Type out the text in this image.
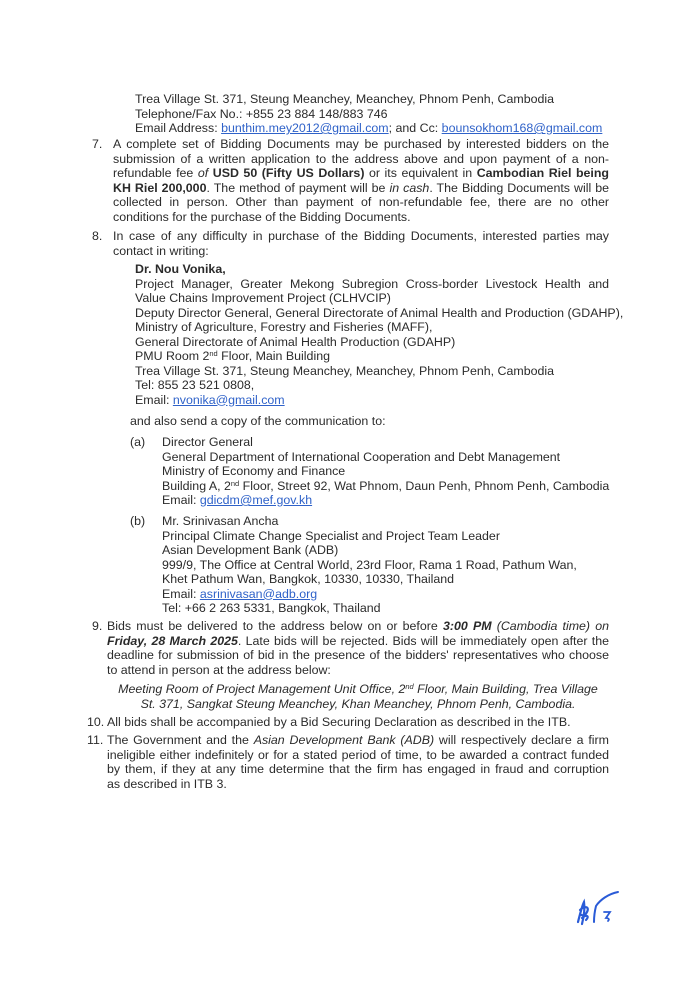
Trea Village St. 371, Steung Meanchey, Meanchey, Phnom Penh, Cambodia
Telephone/Fax No.: +855 23 884 148/883 746
Email Address: bunthim.mey2012@gmail.com; and Cc: bounsokhom168@gmail.com
7. A complete set of Bidding Documents may be purchased by interested bidders on the
submission of a written application to the address above and upon payment of a non-
refundable fee of USD 50 (Fifty US Dollars) or its equivalent in Cambodian Riel being
KH Riel 200,000. The method of payment will be in cash. The Bidding Documents will be
collected in person. Other than payment of non-refundable fee, there are no other
conditions for the purchase of the Bidding Documents.
8. In case of any difficulty in purchase of the Bidding Documents, interested parties may
contact in writing:
Dr. Nou Vonika,
Project Manager, Greater Mekong Subregion Cross-border Livestock Health and
Value Chains Improvement Project (CLHVCIP)
Deputy Director General, General Directorate of Animal Health and Production (GDAHP),
Ministry of Agriculture, Forestry and Fisheries (MAFF),
General Directorate of Animal Health Production (GDAHP)
PMU Room 2nd Floor, Main Building
Trea Village St. 371, Steung Meanchey, Meanchey, Phnom Penh, Cambodia
Tel: 855 23 521 0808,
Email: nvonika@gmail.com
and also send a copy of the communication to:
(a) Director General
General Department of International Cooperation and Debt Management
Ministry of Economy and Finance
Building A, 2nd Floor, Street 92, Wat Phnom, Daun Penh, Phnom Penh, Cambodia
Email: gdicdm@mef.gov.kh
(b) Mr. Srinivasan Ancha
Principal Climate Change Specialist and Project Team Leader
Asian Development Bank (ADB)
999/9, The Office at Central World, 23rd Floor, Rama 1 Road, Pathum Wan,
Khet Pathum Wan, Bangkok, 10330, 10330, Thailand
Email: asrinivasan@adb.org
Tel: +66 2 263 5331, Bangkok, Thailand
9. Bids must be delivered to the address below on or before 3:00 PM (Cambodia time) on
Friday, 28 March 2025. Late bids will be rejected. Bids will be immediately open after the
deadline for submission of bid in the presence of the bidders' representatives who choose
to attend in person at the address below:
Meeting Room of Project Management Unit Office, 2nd Floor, Main Building, Trea Village
St. 371, Sangkat Steung Meanchey, Khan Meanchey, Phnom Penh, Cambodia.
10. All bids shall be accompanied by a Bid Securing Declaration as described in the ITB.
11. The Government and the Asian Development Bank (ADB) will respectively declare a firm
ineligible either indefinitely or for a stated period of time, to be awarded a contract funded
by them, if they at any time determine that the firm has engaged in fraud and corruption
as described in ITB 3.
